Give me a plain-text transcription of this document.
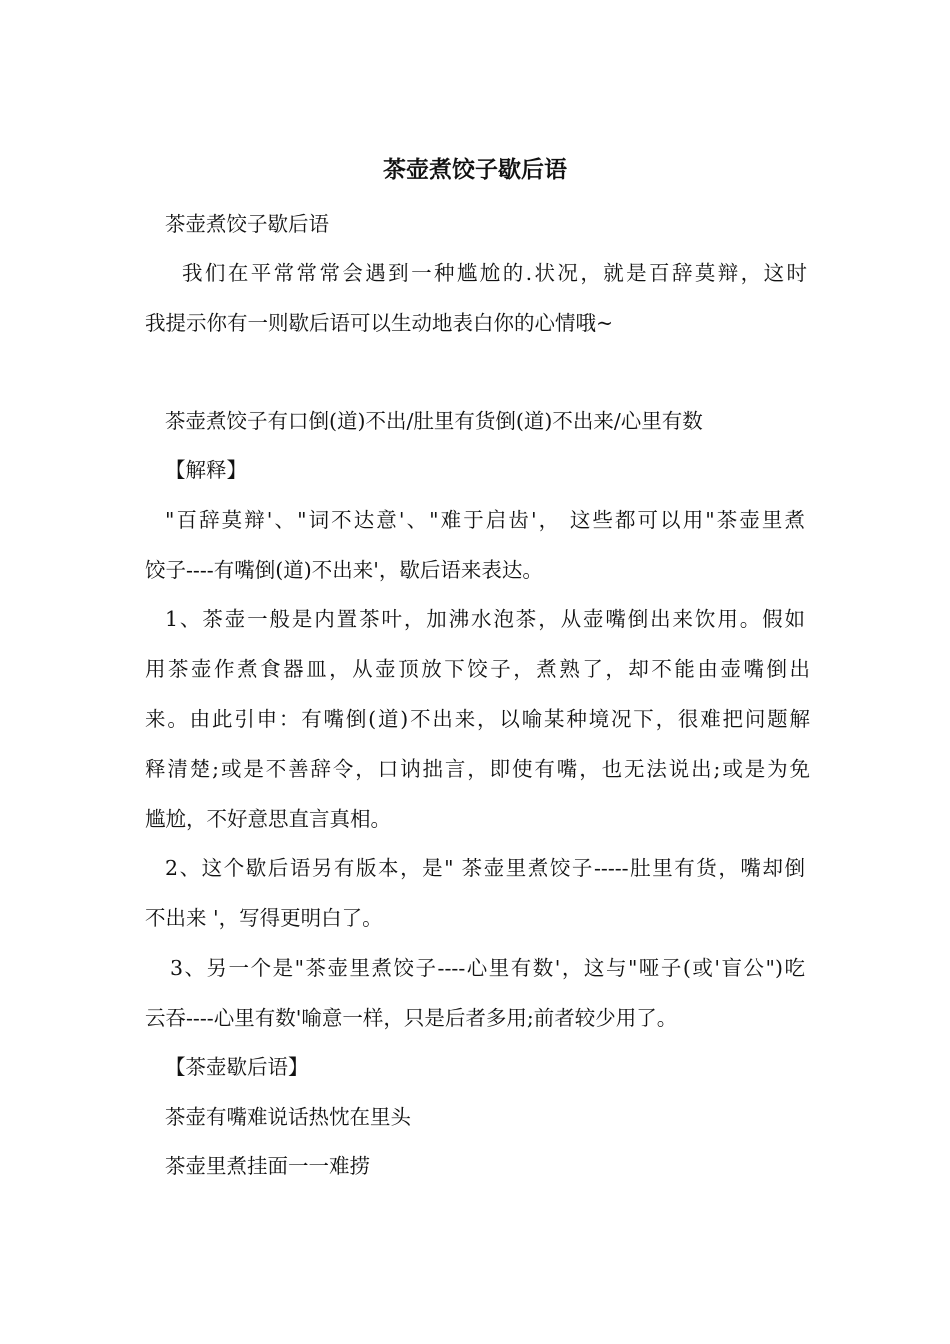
茶壶煮饺子歇后语
茶壶煮饺子歇后语
我们在平常常常会遇到一种尴尬的.状况，就是百辞莫辩，这时
我提示你有一则歇后语可以生动地表白你的心情哦~
茶壶煮饺子有口倒(道)不出/肚里有货倒(道)不出来/心里有数
【解释】
"百辞莫辩'、"词不达意'、"难于启齿'， 这些都可以用"茶壶里煮
饺子----有嘴倒(道)不出来'，歇后语来表达。
1、茶壶一般是内置茶叶，加沸水泡茶，从壶嘴倒出来饮用。假如
用茶壶作煮食器皿，从壶顶放下饺子，煮熟了，却不能由壶嘴倒出
来。由此引申：有嘴倒(道)不出来，以喻某种境况下，很难把问题解
释清楚;或是不善辞令，口讷拙言，即使有嘴，也无法说出;或是为免
尴尬，不好意思直言真相。
2、这个歇后语另有版本，是" 茶壶里煮饺子-----肚里有货，嘴却倒
不出来 '，写得更明白了。
3、另一个是"茶壶里煮饺子----心里有数'，这与"哑子(或'盲公")吃
云吞----心里有数'喻意一样，只是后者多用;前者较少用了。
【茶壶歇后语】
茶壶有嘴难说话热忱在里头
茶壶里煮挂面一一难捞
